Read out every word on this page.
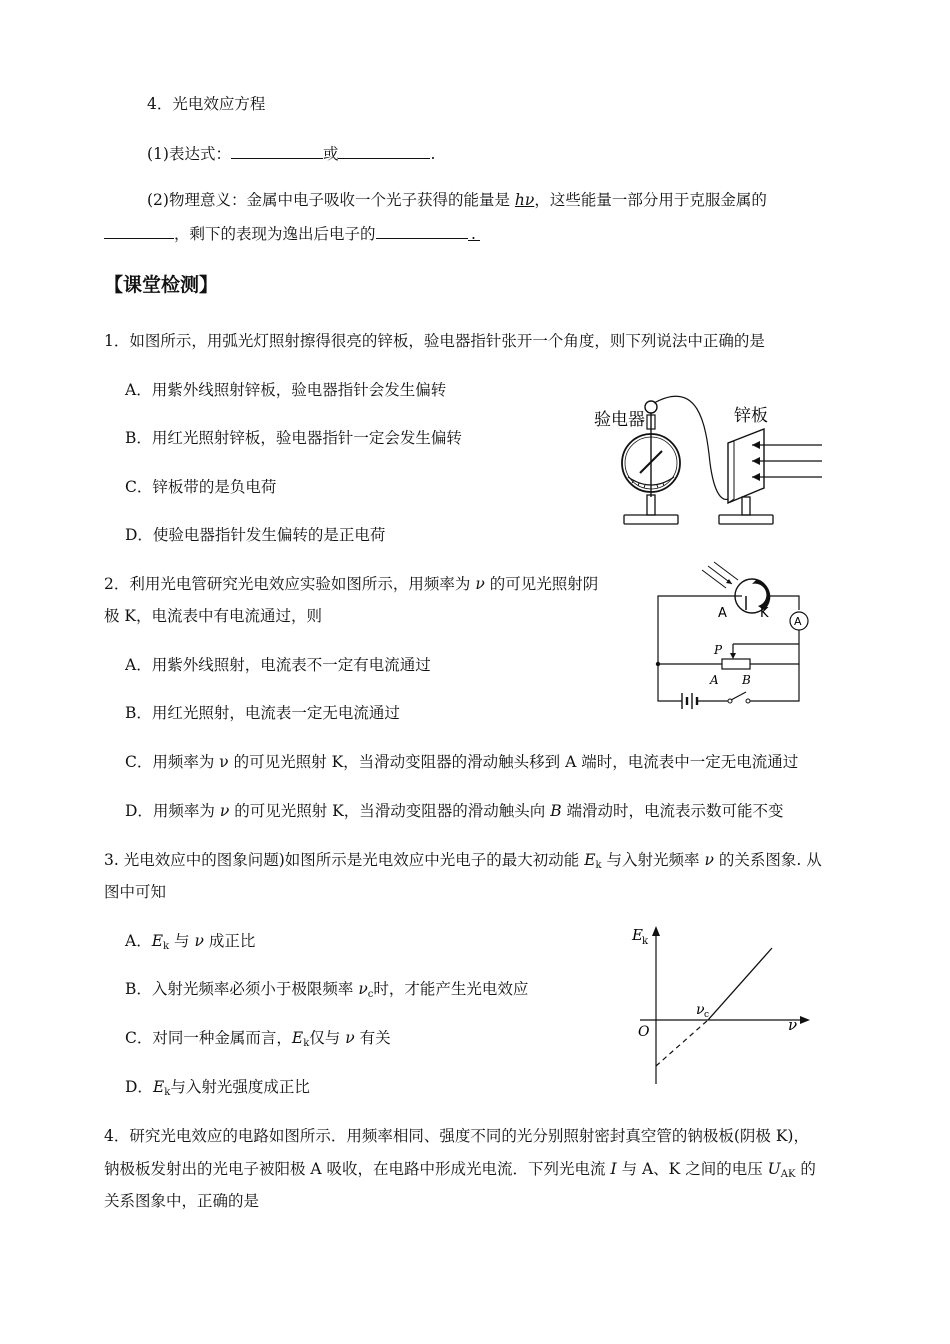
4．光电效应方程
(1)表达式：	或	.
(2)物理意义：金属中电子吸收一个光子获得的能量是 hν，这些能量一部分用于克服金属的
，剩下的表现为逸出后电子的	.
【课堂检测】
1．如图所示，用弧光灯照射擦得很亮的锌板，验电器指针张开一个角度，则下列说法中正确的是
A．用紫外线照射锌板，验电器指针会发生偏转
B．用红光照射锌板，验电器指针一定会发生偏转
C．锌板带的是负电荷
D．使验电器指针发生偏转的是正电荷
验电器	锌板
2．利用光电管研究光电效应实验如图所示，用频率为 ν 的可见光照射阴
极 K，电流表中有电流通过，则
A．用紫外线照射，电流表不一定有电流通过
B．用红光照射，电流表一定无电流通过
C．用频率为 ν 的可见光照射 K，当滑动变阻器的滑动触头移到 A 端时，电流表中一定无电流通过
D．用频率为 ν 的可见光照射 K，当滑动变阻器的滑动触头向 B 端滑动时，电流表示数可能不变
A	K
A
P
A B
3. 光电效应中的图象问题)如图所示是光电效应中光电子的最大初动能 $E_k$ 与入射光频率 ν 的关系图象. 从
图中可知
A．$E_k$ 与 ν 成正比
B．入射光频率必须小于极限频率 $\nu_c$时，才能产生光电效应
C．对同一种金属而言，$E_k$仅与 ν 有关
D．$E_k$与入射光强度成正比
E k
ν
O
ν c
4．研究光电效应的电路如图所示．用频率相同、强度不同的光分别照射密封真空管的钠极板(阴极 K)，
钠极板发射出的光电子被阳极 A 吸收，在电路中形成光电流．下列光电流 I 与 A、K 之间的电压 $U_{AK}$ 的
关系图象中，正确的是
